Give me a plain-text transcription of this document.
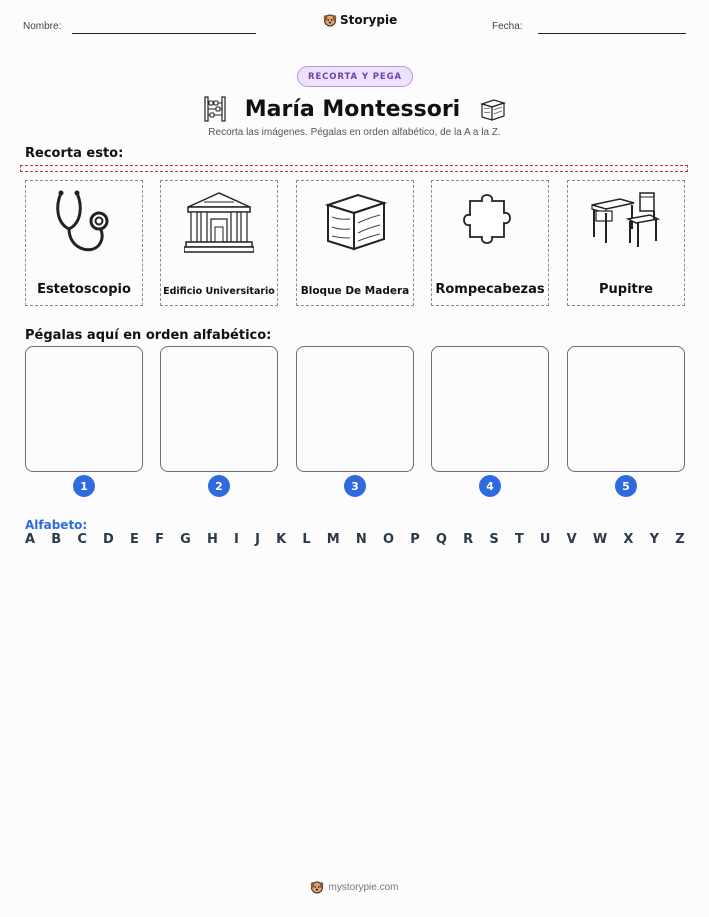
Nombre:	Storypie	Fecha:
RECORTA Y PEGA
María Montessori
Recorta las imágenes. Pégalas en orden alfabético, de la A a la Z.
Recorta esto:
Estetoscopio	Edificio Universitario	Bloque De Madera Rompecabezas	Pupitre
Pégalas aquí en orden alfabético:
1	2	3	4	5
Alfabeto:
A B C D E F G H I J K L M N O P Q R S T U V W X Y Z
mystorypie.com
